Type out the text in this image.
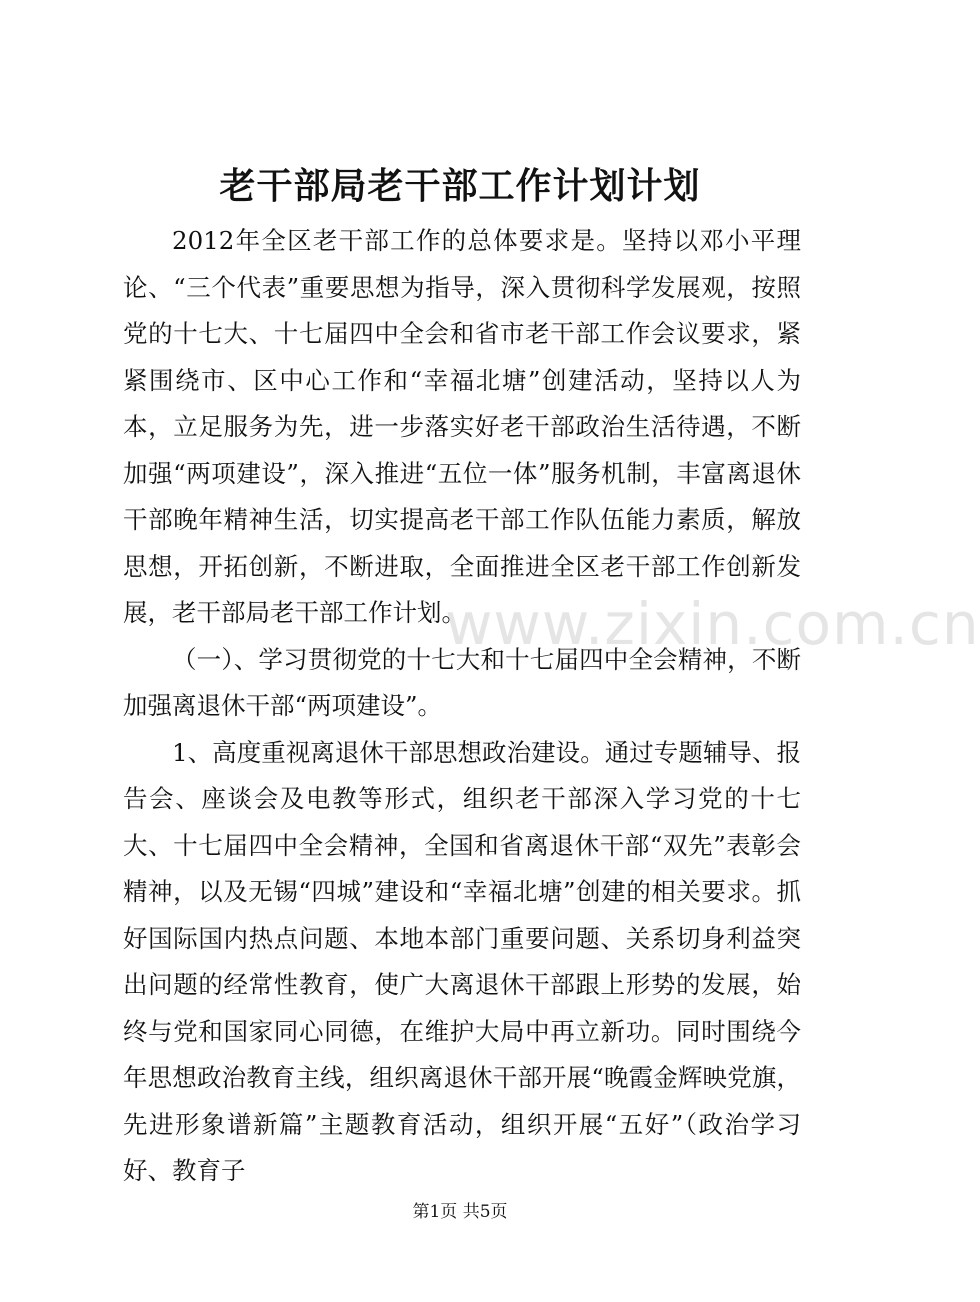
老干部局老干部工作计划计划

2012年全区老干部工作的总体要求是。坚持以邓小平理论、“三个代表”重要思想为指导，深入贯彻科学发展观，按照党的十七大、十七届四中全会和省市老干部工作会议要求，紧紧围绕市、区中心工作和“幸福北塘”创建活动，坚持以人为本，立足服务为先，进一步落实好老干部政治生活待遇，不断加强“两项建设”，深入推进“五位一体”服务机制，丰富离退休干部晚年精神生活，切实提高老干部工作队伍能力素质，解放思想，开拓创新，不断进取，全面推进全区老干部工作创新发展，老干部局老干部工作计划。

（一）、学习贯彻党的十七大和十七届四中全会精神，不断加强离退休干部“两项建设”。

1、高度重视离退休干部思想政治建设。通过专题辅导、报告会、座谈会及电教等形式，组织老干部深入学习党的十七大、十七届四中全会精神，全国和省离退休干部“双先”表彰会精神，以及无锡“四城”建设和“幸福北塘”创建的相关要求。抓好国际国内热点问题、本地本部门重要问题、关系切身利益突出问题的经常性教育，使广大离退休干部跟上形势的发展，始终与党和国家同心同德，在维护大局中再立新功。同时围绕今年思想政治教育主线，组织离退休干部开展“晚霞金辉映党旗，先进形象谱新篇”主题教育活动，组织开展“五好”（政治学习好、教育子

www.zixin.com.cn
第1页 共5页
